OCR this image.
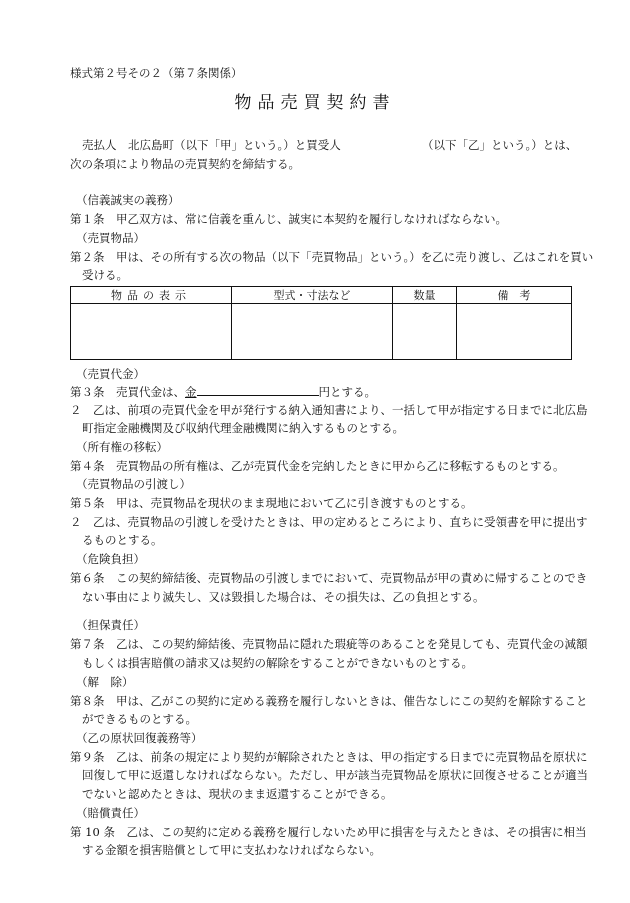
様式第２号その２（第７条関係）
物品売買契約書
売払人　北広島町（以下「甲」という。）と買受人	（以下「乙」という。）とは、
次の条項により物品の売買契約を締結する。
物品の表示	型式・寸法など	数量	備　考

（信義誠実の義務）
第１条　甲乙双方は、常に信義を重んじ、誠実に本契約を履行しなければならない。
（売買物品）
第２条　甲は、その所有する次の物品（以下「売買物品」という。）を乙に売り渡し、乙はこれを買い
受ける。
（売買代金）
第３条　売買代金は、金	円とする。
２　乙は、前項の売買代金を甲が発行する納入通知書により、一括して甲が指定する日までに北広島
町指定金融機関及び収納代理金融機関に納入するものとする。
（所有権の移転）
第４条　売買物品の所有権は、乙が売買代金を完納したときに甲から乙に移転するものとする。
（売買物品の引渡し）
第５条　甲は、売買物品を現状のまま現地において乙に引き渡すものとする。
２　乙は、売買物品の引渡しを受けたときは、甲の定めるところにより、直ちに受領書を甲に提出す
るものとする。
（危険負担）
第６条　この契約締結後、売買物品の引渡しまでにおいて、売買物品が甲の責めに帰することのでき
ない事由により滅失し、又は毀損した場合は、その損失は、乙の負担とする。
（担保責任）
第７条　乙は、この契約締結後、売買物品に隠れた瑕疵等のあることを発見しても、売買代金の減額
もしくは損害賠償の請求又は契約の解除をすることができないものとする。
（解　除）
第８条　甲は、乙がこの契約に定める義務を履行しないときは、催告なしにこの契約を解除すること
ができるものとする。
（乙の原状回復義務等）
第９条　乙は、前条の規定により契約が解除されたときは、甲の指定する日までに売買物品を原状に
回復して甲に返還しなければならない。ただし、甲が該当売買物品を原状に回復させることが適当
でないと認めたときは、現状のまま返還することができる。
（賠償責任）
第 10 条　乙は、この契約に定める義務を履行しないため甲に損害を与えたときは、その損害に相当
する金額を損害賠償として甲に支払わなければならない。
